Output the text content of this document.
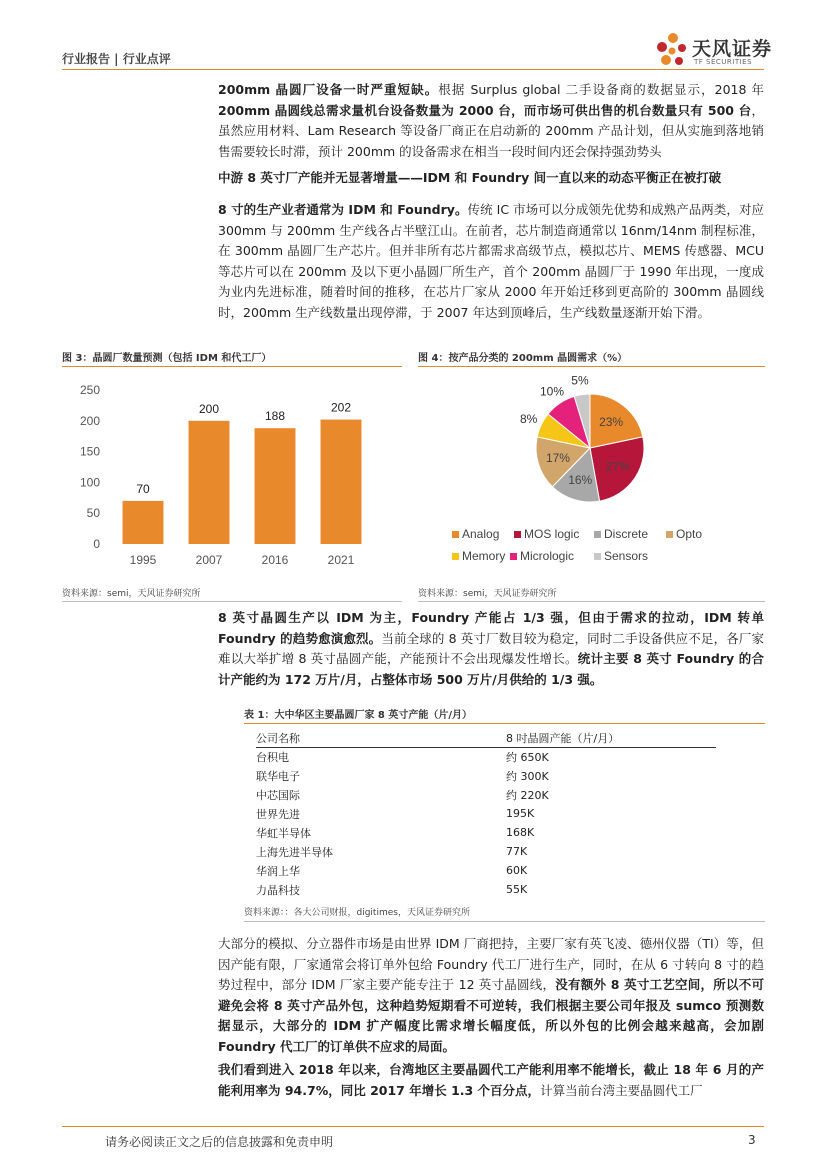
行业报告 | 行业点评	天风证券
TF SECURITIES
200mm 晶圆厂设备一时严重短缺。根据 Surplus global 二手设备商的数据显示，2018 年 200mm 晶圆线总需求量机台设备数量为 2000 台，而市场可供出售的机台数量只有 500 台，虽然应用材料、Lam Research 等设备厂商正在启动新的 200mm 产品计划，但从实施到落地销售需要较长时滞，预计 200mm 的设备需求在相当一段时间内还会保持强劲势头
中游 8 英寸厂产能并无显著增量——IDM 和 Foundry 间一直以来的动态平衡正在被打破
8 寸的生产业者通常为 IDM 和 Foundry。传统 IC 市场可以分成领先优势和成熟产品两类，对应 300mm 与 200mm 生产线各占半壁江山。在前者，芯片制造商通常以 16nm/14nm 制程标准，在 300mm 晶圆厂生产芯片。但并非所有芯片都需求高级节点，模拟芯片、MEMS 传感器、MCU 等芯片可以在 200mm 及以下更小晶圆厂所生产，首个 200mm 晶圆厂于 1990 年出现，一度成为业内先进标准，随着时间的推移，在芯片厂家从 2000 年开始迁移到更高阶的 300mm 晶圆线时，200mm 生产线数量出现停滞，于 2007 年达到顶峰后，生产线数量逐渐开始下滑。
图 3：晶圆厂数量预测（包括 IDM 和代工厂）
0
50
100
150
200
250
70
1995
200
2007
188
2016
202
2021
资料来源：semi，天风证券研究所
图 4：按产品分类的 200mm 晶圆需求（%）
23%
27%
16%
17%
8%
10%
5%
Analog MOS logic Discrete Opto
Memory Micrologic Sensors
资料来源：semi，天风证券研究所
8 英寸晶圆生产以 IDM 为主，Foundry 产能占 1/3 强，但由于需求的拉动，IDM 转单 Foundry 的趋势愈演愈烈。当前全球的 8 英寸厂数目较为稳定，同时二手设备供应不足，各厂家难以大举扩增 8 英寸晶圆产能，产能预计不会出现爆发性增长。统计主要 8 英寸 Foundry 的合计产能约为 172 万片/月，占整体市场 500 万片/月供给的 1/3 强。
表 1：大中华区主要晶圆厂家 8 英寸产能（片/月）
公司名称	8 吋晶圆产能（片/月）
台积电	约 650K
联华电子	约 300K
中芯国际	约 220K
世界先进	195K
华虹半导体	168K
上海先进半导体	77K
华润上华	60K
力晶科技	55K
资料来源：：各大公司财报，digitimes，天风证券研究所
大部分的模拟、分立器件市场是由世界 IDM 厂商把持，主要厂家有英飞凌、德州仪器（TI）等，但因产能有限，厂家通常会将订单外包给 Foundry 代工厂进行生产，同时，在从 6 寸转向 8 寸的趋势过程中，部分 IDM 厂家主要产能专注于 12 英寸晶圆线，没有额外 8 英寸工艺空间，所以不可避免会将 8 英寸产品外包，这种趋势短期看不可逆转，我们根据主要公司年报及 sumco 预测数据显示，大部分的 IDM 扩产幅度比需求增长幅度低，所以外包的比例会越来越高，会加剧 Foundry 代工厂的订单供不应求的局面。
我们看到进入 2018 年以来，台湾地区主要晶圆代工产能利用率不能增长，截止 18 年 6 月的产能利用率为 94.7%，同比 2017 年增长 1.3 个百分点，计算当前台湾主要晶圆代工厂
请务必阅读正文之后的信息披露和免责申明	3
